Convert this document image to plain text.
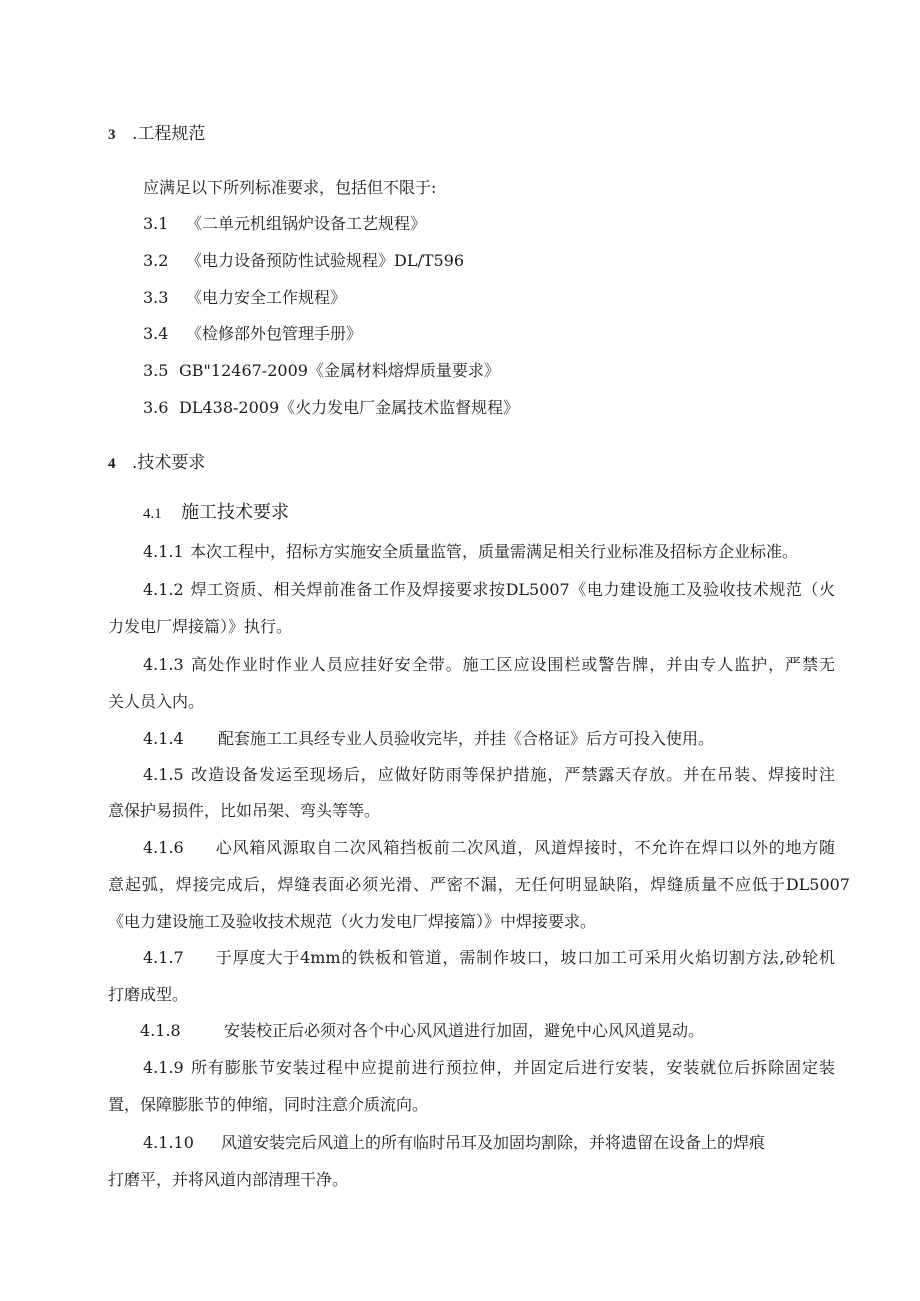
3 .工程规范
应满足以下所列标准要求，包括但不限于:
3.1 《二单元机组锅炉设备工艺规程》
3.2 《电力设备预防性试验规程》DL/T596
3.3 《电力安全工作规程》
3.4 《检修部外包管理手册》
3.5 GB"12467-2009《金属材料熔焊质量要求》
3.6 DL438-2009《火力发电厂金属技术监督规程》
4 .技术要求
4.1 施工技术要求
4.1.1 本次工程中，招标方实施安全质量监管，质量需满足相关行业标准及招标方企业标准。
4.1.2 焊工资质、相关焊前准备工作及焊接要求按DL5007《电力建设施工及验收技术规范（火
力发电厂焊接篇）》执行。
4.1.3 高处作业时作业人员应挂好安全带。施工区应设围栏或警告牌，并由专人监护，严禁无
关人员入内。
4.1.4 配套施工工具经专业人员验收完毕，并挂《合格证》后方可投入使用。
4.1.5 改造设备发运至现场后，应做好防雨等保护措施，严禁露天存放。并在吊装、焊接时注
意保护易损件，比如吊架、弯头等等。
4.1.6 心风箱风源取自二次风箱挡板前二次风道，风道焊接时，不允许在焊口以外的地方随
意起弧，焊接完成后，焊缝表面必须光滑、严密不漏，无任何明显缺陷，焊缝质量不应低于DL5007
《电力建设施工及验收技术规范（火力发电厂焊接篇）》中焊接要求。
4.1.7 于厚度大于4mm的铁板和管道，需制作坡口，坡口加工可采用火焰切割方法,砂轮机
打磨成型。
4.1.8	安装校正后必须对各个中心风风道进行加固，避免中心风风道晃动。
4.1.9 所有膨胀节安装过程中应提前进行预拉伸，并固定后进行安装，安装就位后拆除固定装
置，保障膨胀节的伸缩，同时注意介质流向。
4.1.10 风道安装完后风道上的所有临时吊耳及加固均割除，并将遗留在设备上的焊痕
打磨平，并将风道内部清理干净。
